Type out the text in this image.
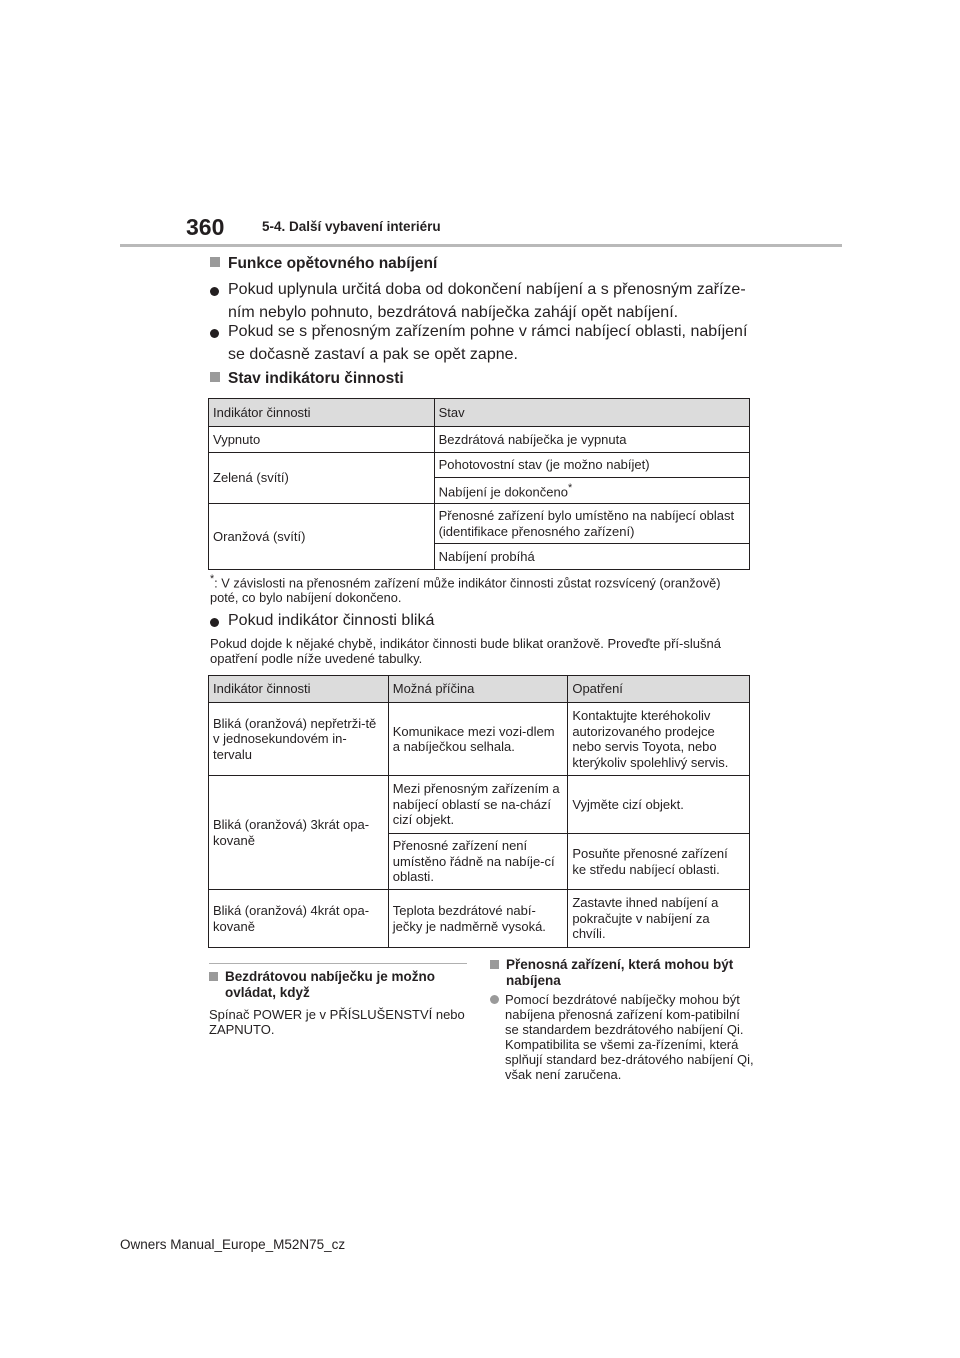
360	5-4. Další vybavení interiéru
Funkce opětovného nabíjení
Pokud uplynula určitá doba od dokončení nabíjení a s přenosným zaříze-ním nebylo pohnuto, bezdrátová nabíječka zahájí opět nabíjení.
Pokud se s přenosným zařízením pohne v rámci nabíjecí oblasti, nabíjení se dočasně zastaví a pak se opět zapne.
Stav indikátoru činnosti
Indikátor činnosti	Stav
Vypnuto	Bezdrátová nabíječka je vypnuta
Zelená (svítí)	Pohotovostní stav (je možno nabíjet)
	Nabíjení je dokončeno*
Oranžová (svítí)	Přenosné zařízení bylo umístěno na nabíjecí oblast (identifikace přenosného zařízení)
	Nabíjení probíhá
*: V závislosti na přenosném zařízení může indikátor činnosti zůstat rozsvícený (oranžově) poté, co bylo nabíjení dokončeno.
Pokud indikátor činnosti bliká
Pokud dojde k nějaké chybě, indikátor činnosti bude blikat oranžově. Proveďte pří-slušná opatření podle níže uvedené tabulky.
Indikátor činnosti	Možná příčina	Opatření
Bliká (oranžová) nepřetrži-tě v jednosekundovém in-tervalu	Komunikace mezi vozi-dlem a nabíječkou selhala.	Kontaktujte kteréhokoliv autorizovaného prodejce nebo servis Toyota, nebo kterýkoliv spolehlivý servis.
Bliká (oranžová) 3krát opa-kovaně	Mezi přenosným zařízením a nabíjecí oblastí se na-chází cizí objekt.	Vyjměte cizí objekt.
	Přenosné zařízení není umístěno řádně na nabíje-cí oblasti.	Posuňte přenosné zařízení ke středu nabíjecí oblasti.
Bliká (oranžová) 4krát opa-kovaně	Teplota bezdrátové nabí-ječky je nadměrně vysoká.	Zastavte ihned nabíjení a pokračujte v nabíjení za chvíli.
Bezdrátovou nabíječku je možno ovládat, když
Spínač POWER je v PŘÍSLUŠENSTVÍ nebo ZAPNUTO.
Přenosná zařízení, která mohou být nabíjena
Pomocí bezdrátové nabíječky mohou být nabíjena přenosná zařízení kom-patibilní se standardem bezdrátového nabíjení Qi. Kompatibilita se všemi za-řízeními, která splňují standard bez-drátového nabíjení Qi, však není zaručena.
Owners Manual_Europe_M52N75_cz
